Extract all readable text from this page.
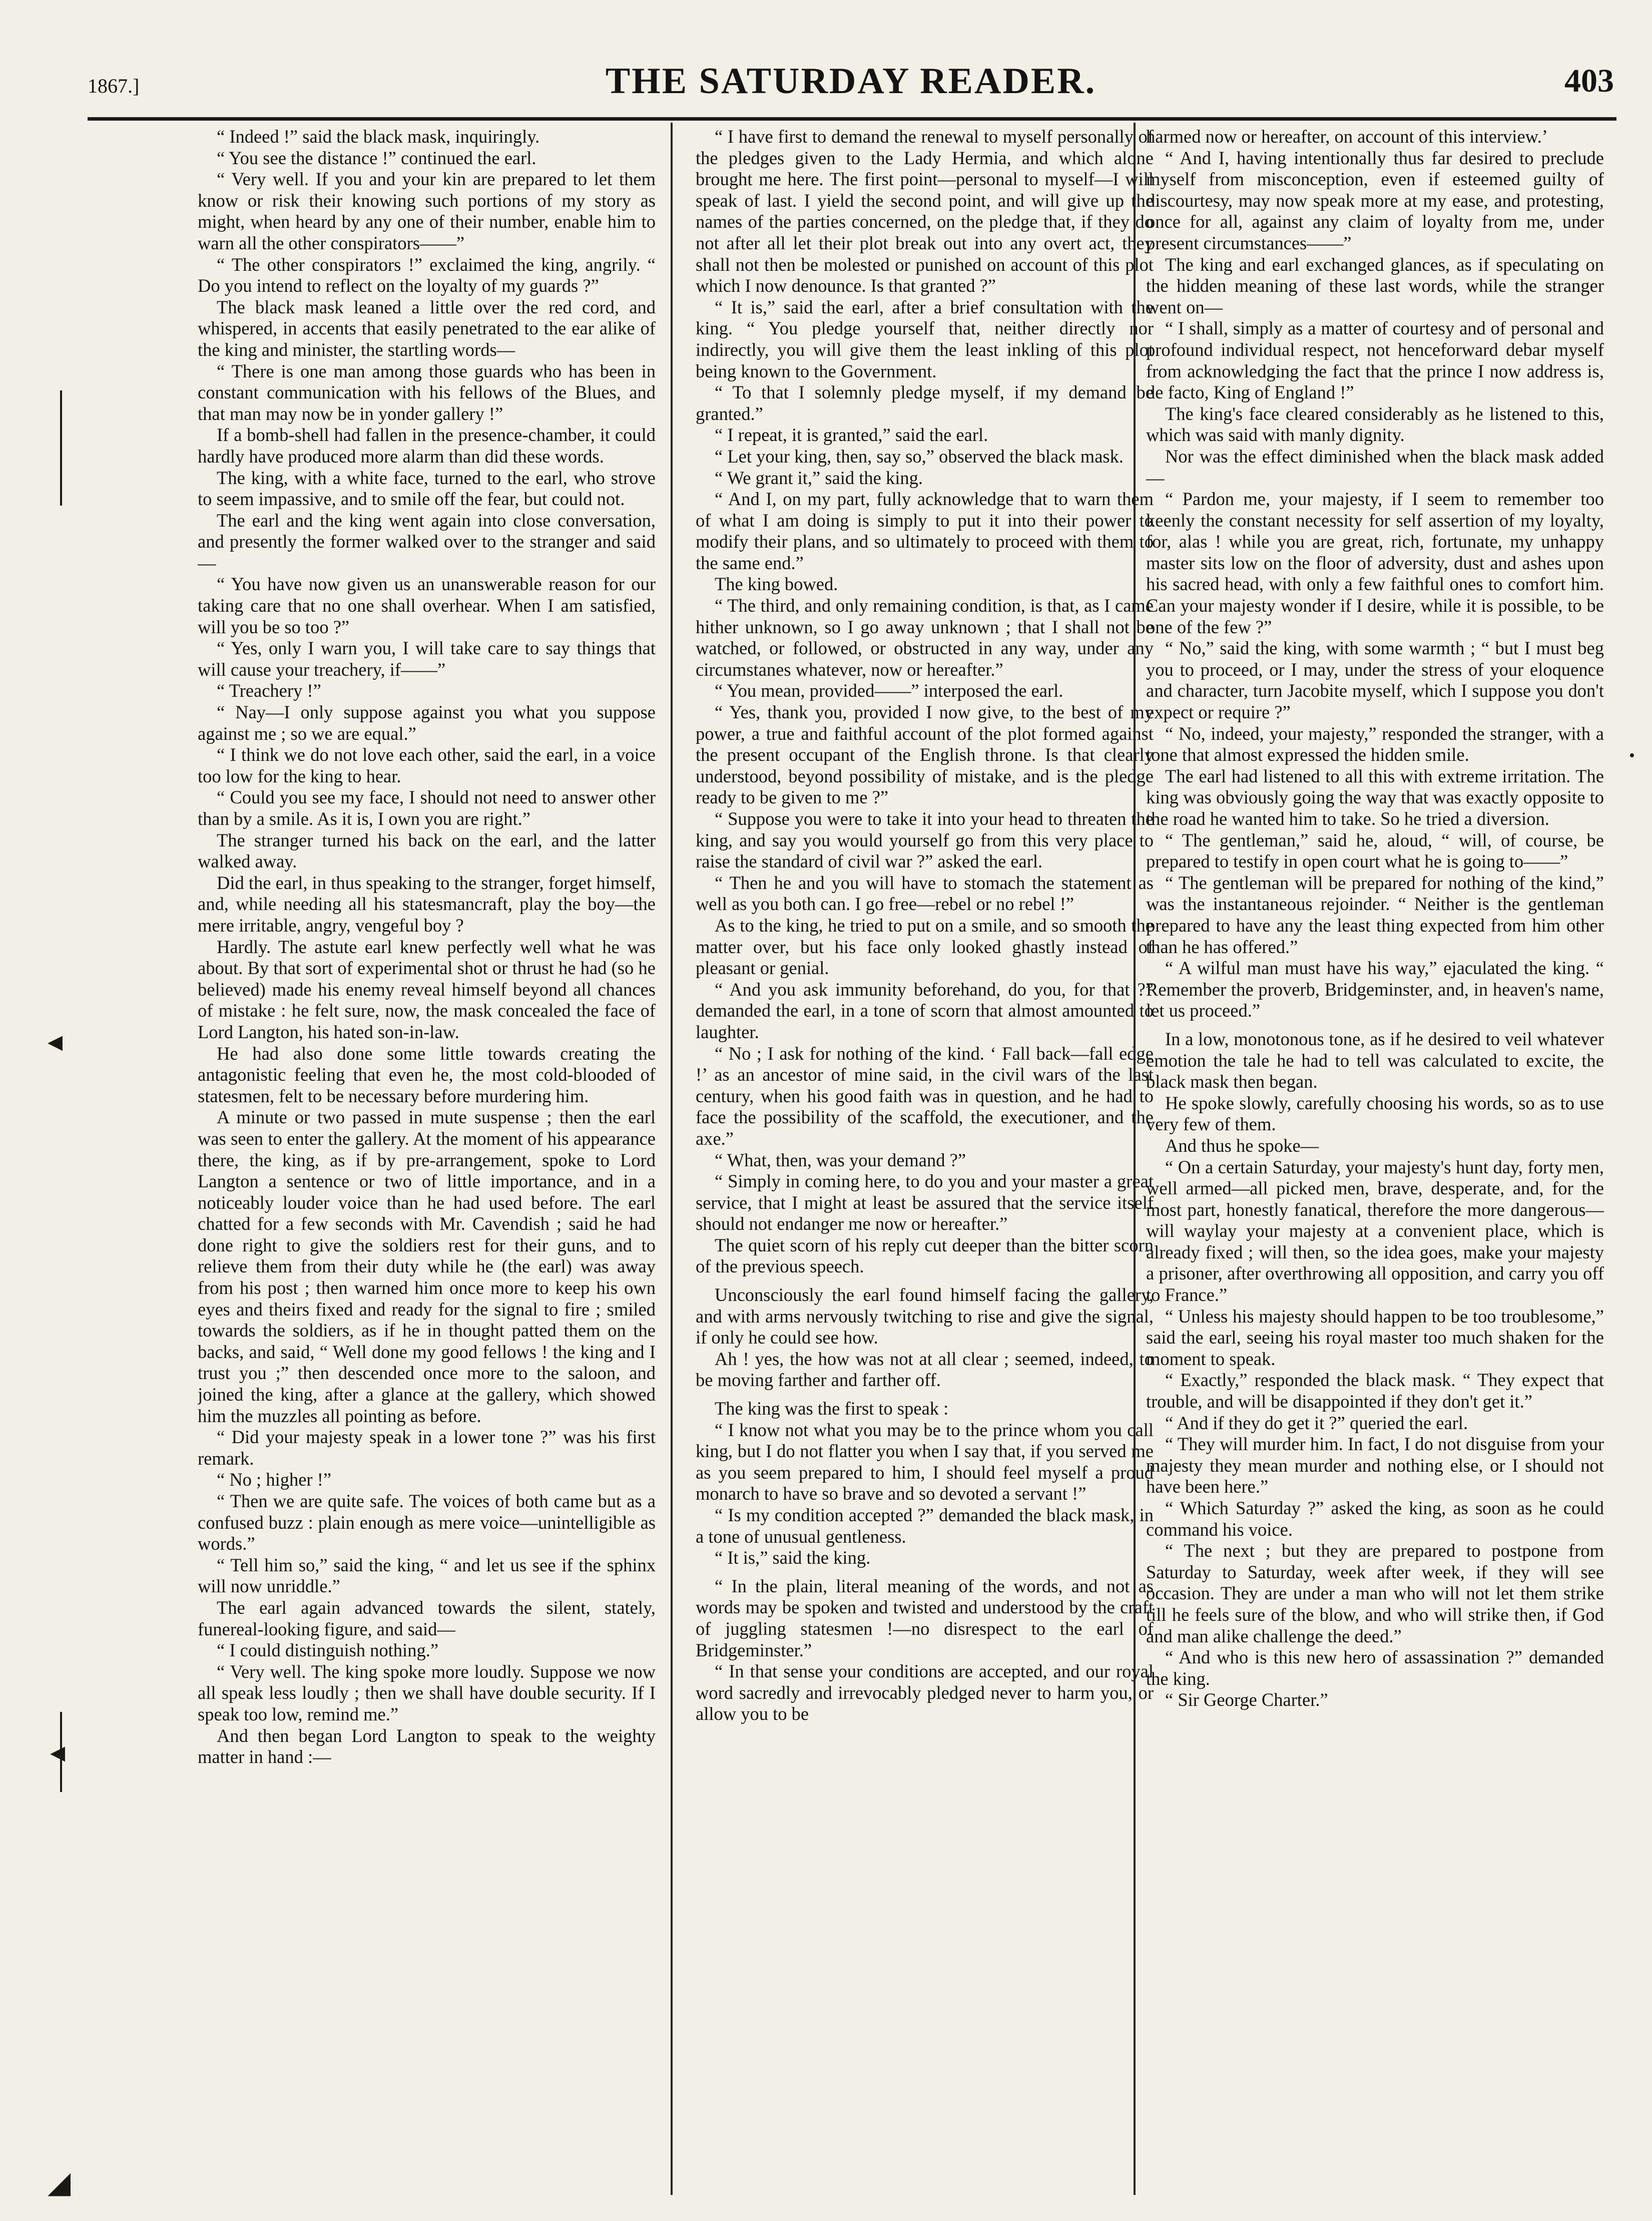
1867.]	THE SATURDAY READER.	403
◂
◂
◢
•

“ Indeed !” said the black mask, inquiringly.

“ You see the distance !” continued the earl.

“ Very well. If you and your kin are prepared to let them know or risk their knowing such portions of my story as might, when heard by any one of their number, enable him to warn all the other conspirators——”

“ The other conspirators !” exclaimed the king, angrily. “ Do you intend to reflect on the loyalty of my guards ?”

The black mask leaned a little over the red cord, and whispered, in accents that easily penetrated to the ear alike of the king and minister, the startling words—

“ There is one man among those guards who has been in constant communication with his fellows of the Blues, and that man may now be in yonder gallery !”

If a bomb-shell had fallen in the presence-chamber, it could hardly have produced more alarm than did these words.

The king, with a white face, turned to the earl, who strove to seem impassive, and to smile off the fear, but could not.

The earl and the king went again into close conversation, and presently the former walked over to the stranger and said—

“ You have now given us an unanswerable reason for our taking care that no one shall overhear. When I am satisfied, will you be so too ?”

“ Yes, only I warn you, I will take care to say things that will cause your treachery, if——”

“ Treachery !”

“ Nay—I only suppose against you what you suppose against me ; so we are equal.”

“ I think we do not love each other, said the earl, in a voice too low for the king to hear.

“ Could you see my face, I should not need to answer other than by a smile. As it is, I own you are right.”

The stranger turned his back on the earl, and the latter walked away.

Did the earl, in thus speaking to the stranger, forget himself, and, while needing all his statesmancraft, play the boy—the mere irritable, angry, vengeful boy ?

Hardly. The astute earl knew perfectly well what he was about. By that sort of experimental shot or thrust he had (so he believed) made his enemy reveal himself beyond all chances of mistake : he felt sure, now, the mask concealed the face of Lord Langton, his hated son-in-law.

He had also done some little towards creating the antagonistic feeling that even he, the most cold-blooded of statesmen, felt to be necessary before murdering him.

A minute or two passed in mute suspense ; then the earl was seen to enter the gallery. At the moment of his appearance there, the king, as if by pre-arrangement, spoke to Lord Langton a sentence or two of little importance, and in a noticeably louder voice than he had used before. The earl chatted for a few seconds with Mr. Cavendish ; said he had done right to give the soldiers rest for their guns, and to relieve them from their duty while he (the earl) was away from his post ; then warned him once more to keep his own eyes and theirs fixed and ready for the signal to fire ; smiled towards the soldiers, as if he in thought patted them on the backs, and said, “ Well done my good fellows ! the king and I trust you ;” then descended once more to the saloon, and joined the king, after a glance at the gallery, which showed him the muzzles all pointing as before.

“ Did your majesty speak in a lower tone ?” was his first remark.

“ No ; higher !”

“ Then we are quite safe. The voices of both came but as a confused buzz : plain enough as mere voice—unintelligible as words.”

“ Tell him so,” said the king, “ and let us see if the sphinx will now unriddle.”

The earl again advanced towards the silent, stately, funereal-looking figure, and said—

“ I could distinguish nothing.”

“ Very well. The king spoke more loudly. Suppose we now all speak less loudly ; then we shall have double security. If I speak too low, remind me.”

And then began Lord Langton to speak to the weighty matter in hand :—

“ I have first to demand the renewal to myself personally of the pledges given to the Lady Hermia, and which alone brought me here. The first point—personal to myself—I will speak of last. I yield the second point, and will give up the names of the parties concerned, on the pledge that, if they do not after all let their plot break out into any overt act, they shall not then be molested or punished on account of this plot which I now denounce. Is that granted ?”

“ It is,” said the earl, after a brief consultation with the king. “ You pledge yourself that, neither directly nor indirectly, you will give them the least inkling of this plot being known to the Government.

“ To that I solemnly pledge myself, if my demand be granted.”

“ I repeat, it is granted,” said the earl.

“ Let your king, then, say so,” observed the black mask.

“ We grant it,” said the king.

“ And I, on my part, fully acknowledge that to warn them of what I am doing is simply to put it into their power to modify their plans, and so ultimately to proceed with them to the same end.”

The king bowed.

“ The third, and only remaining condition, is that, as I came hither unknown, so I go away unknown ; that I shall not be watched, or followed, or obstructed in any way, under any circumstanes whatever, now or hereafter.”

“ You mean, provided——” interposed the earl.

“ Yes, thank you, provided I now give, to the best of my power, a true and faithful account of the plot formed against the present occupant of the English throne. Is that clearly understood, beyond possibility of mistake, and is the pledge ready to be given to me ?”

“ Suppose you were to take it into your head to threaten the king, and say you would yourself go from this very place to raise the standard of civil war ?” asked the earl.

“ Then he and you will have to stomach the statement as well as you both can. I go free—rebel or no rebel !”

As to the king, he tried to put on a smile, and so smooth the matter over, but his face only looked ghastly instead of pleasant or genial.

“ And you ask immunity beforehand, do you, for that ?” demanded the earl, in a tone of scorn that almost amounted to laughter.

“ No ; I ask for nothing of the kind. ‘ Fall back—fall edge !’ as an ancestor of mine said, in the civil wars of the last century, when his good faith was in question, and he had to face the possibility of the scaffold, the executioner, and the axe.”

“ What, then, was your demand ?”

“ Simply in coming here, to do you and your master a great service, that I might at least be assured that the service itself should not endanger me now or hereafter.”

The quiet scorn of his reply cut deeper than the bitter scorn of the previous speech.

Unconsciously the earl found himself facing the gallery, and with arms nervously twitching to rise and give the signal, if only he could see how.

Ah ! yes, the how was not at all clear ; seemed, indeed, to be moving farther and farther off.

The king was the first to speak :

“ I know not what you may be to the prince whom you call king, but I do not flatter you when I say that, if you served me as you seem prepared to him, I should feel myself a proud monarch to have so brave and so devoted a servant !”

“ Is my condition accepted ?” demanded the black mask, in a tone of unusual gentleness.

“ It is,” said the king.

“ In the plain, literal meaning of the words, and not as words may be spoken and twisted and understood by the craft of juggling statesmen !—no disrespect to the earl of Bridgeminster.”

“ In that sense your conditions are accepted, and our royal word sacredly and irrevocably pledged never to harm you, or allow you to be

harmed now or hereafter, on account of this interview.’

“ And I, having intentionally thus far desired to preclude myself from misconception, even if esteemed guilty of discourtesy, may now speak more at my ease, and protesting, once for all, against any claim of loyalty from me, under present circumstances——”

The king and earl exchanged glances, as if speculating on the hidden meaning of these last words, while the stranger went on—

“ I shall, simply as a matter of courtesy and of personal and profound individual respect, not henceforward debar myself from acknowledging the fact that the prince I now address is, de facto, King of England !”

The king's face cleared considerably as he listened to this, which was said with manly dignity.

Nor was the effect diminished when the black mask added—

“ Pardon me, your majesty, if I seem to remember too keenly the constant necessity for self assertion of my loyalty, for, alas ! while you are great, rich, fortunate, my unhappy master sits low on the floor of adversity, dust and ashes upon his sacred head, with only a few faithful ones to comfort him. Can your majesty wonder if I desire, while it is possible, to be one of the few ?”

“ No,” said the king, with some warmth ; “ but I must beg you to proceed, or I may, under the stress of your eloquence and character, turn Jacobite myself, which I suppose you don't expect or require ?”

“ No, indeed, your majesty,” responded the stranger, with a tone that almost expressed the hidden smile.

The earl had listened to all this with extreme irritation. The king was obviously going the way that was exactly opposite to the road he wanted him to take. So he tried a diversion.

“ The gentleman,” said he, aloud, “ will, of course, be prepared to testify in open court what he is going to——”

“ The gentleman will be prepared for nothing of the kind,” was the instantaneous rejoinder. “ Neither is the gentleman prepared to have any the least thing expected from him other than he has offered.”

“ A wilful man must have his way,” ejaculated the king. “ Remember the proverb, Bridgeminster, and, in heaven's name, let us proceed.”

In a low, monotonous tone, as if he desired to veil whatever emotion the tale he had to tell was calculated to excite, the black mask then began.

He spoke slowly, carefully choosing his words, so as to use very few of them.

And thus he spoke—

“ On a certain Saturday, your majesty's hunt day, forty men, well armed—all picked men, brave, desperate, and, for the most part, honestly fanatical, therefore the more dangerous—will waylay your majesty at a convenient place, which is already fixed ; will then, so the idea goes, make your majesty a prisoner, after overthrowing all opposition, and carry you off to France.”

“ Unless his majesty should happen to be too troublesome,” said the earl, seeing his royal master too much shaken for the moment to speak.

“ Exactly,” responded the black mask. “ They expect that trouble, and will be disappointed if they don't get it.”

“ And if they do get it ?” queried the earl.

“ They will murder him. In fact, I do not disguise from your majesty they mean murder and nothing else, or I should not have been here.”

“ Which Saturday ?” asked the king, as soon as he could command his voice.

“ The next ; but they are prepared to postpone from Saturday to Saturday, week after week, if they will see occasion. They are under a man who will not let them strike till he feels sure of the blow, and who will strike then, if God and man alike challenge the deed.”

“ And who is this new hero of assassination ?” demanded the king.

“ Sir George Charter.”
